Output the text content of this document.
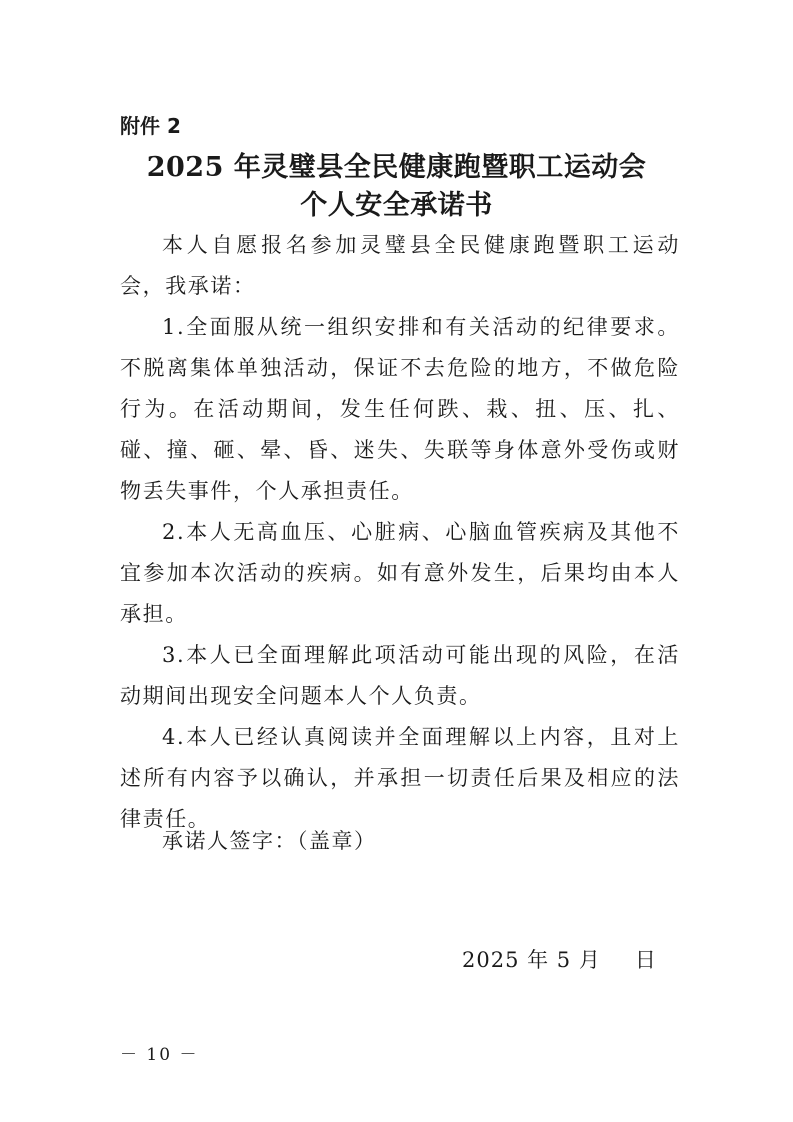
附件 2
2025 年灵璧县全民健康跑暨职工运动会
个人安全承诺书

本人自愿报名参加灵璧县全民健康跑暨职工运动会，我承诺：

1.全面服从统一组织安排和有关活动的纪律要求。不脱离集体单独活动，保证不去危险的地方，不做危险行为。在活动期间，发生任何跌、栽、扭、压、扎、碰、撞、砸、晕、昏、迷失、失联等身体意外受伤或财物丢失事件，个人承担责任。

2.本人无高血压、心脏病、心脑血管疾病及其他不宜参加本次活动的疾病。如有意外发生，后果均由本人承担。

3.本人已全面理解此项活动可能出现的风险，在活动期间出现安全问题本人个人负责。

4.本人已经认真阅读并全面理解以上内容，且对上述所有内容予以确认，并承担一切责任后果及相应的法律责任。

承诺人签字：（盖章）
2025 年 5 月 日
－ 10 －
